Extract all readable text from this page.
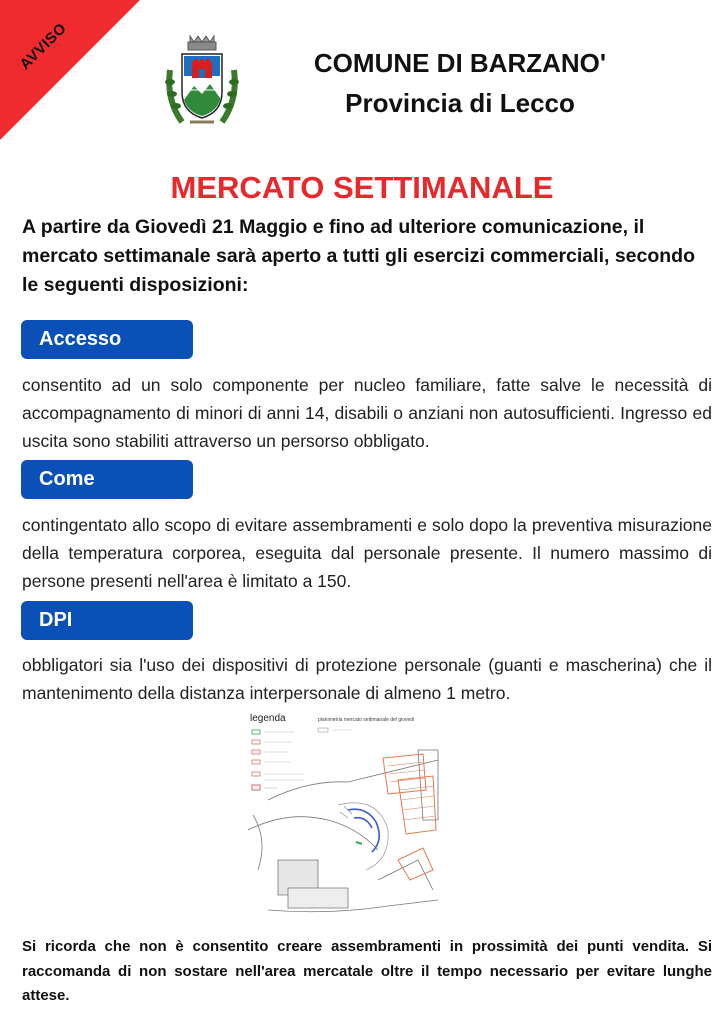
AVVISO	COMUNE DI BARZANO'
Provincia di Lecco
MERCATO SETTIMANALE
A partire da Giovedì 21 Maggio e fino ad ulteriore comunicazione, il mercato settimanale sarà aperto a tutti gli esercizi commerciali, secondo le seguenti disposizioni:
Accesso
consentito ad un solo componente per nucleo familiare, fatte salve le necessità di accompagnamento di minori di anni 14, disabili o anziani non autosufficienti. Ingresso ed uscita sono stabiliti attraverso un persorso obbligato.
Come
contingentato allo scopo di evitare assembramenti e solo dopo la preventiva misurazione della temperatura corporea, eseguita dal personale presente. Il numero massimo di persone presenti nell'area è limitato a 150.
DPI
obbligatori sia l'uso dei dispositivi di protezione personale (guanti e mascherina) che il mantenimento della distanza interpersonale di almeno 1 metro.
legenda	planimetria mercato settimanale del giovedì
Si ricorda che non è consentito creare assembramenti in prossimità dei punti vendita. Si raccomanda di non sostare nell'area mercatale oltre il tempo necessario per evitare lunghe attese.
